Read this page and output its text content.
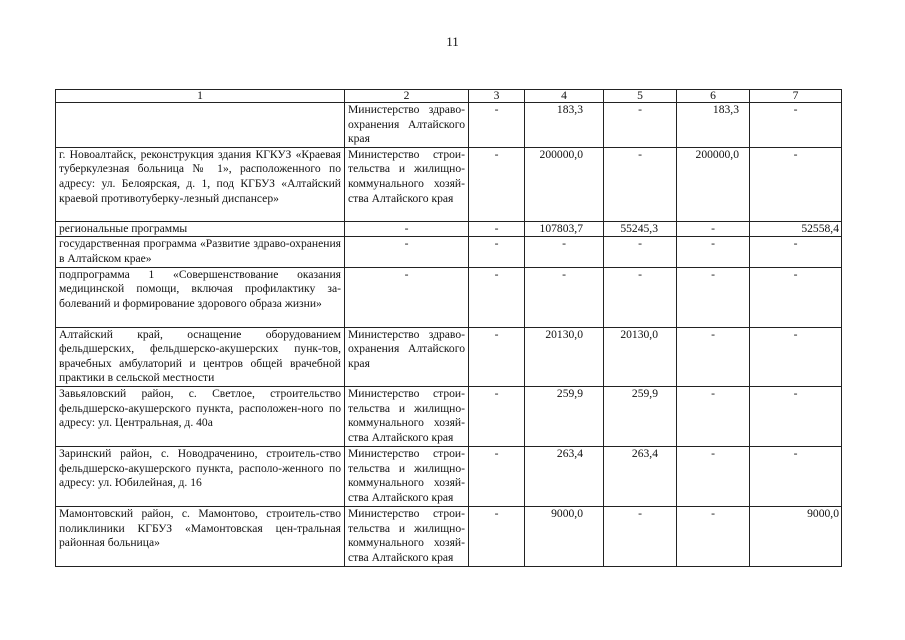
11
1	2	3	4	5	6	7
	Министерство здраво-охранения Алтайского края	-	183,3	-	183,3	-
г. Новоалтайск, реконструкция здания КГКУЗ «Краевая туберкулезная больница № 1», расположенного по адресу: ул. Белоярская, д. 1, под КГБУЗ «Алтайский краевой противотуберку-лезный диспансер»	Министерство строи-тельства и жилищно-коммунального хозяй-ства Алтайского края	-	200000,0	-	200000,0	-
региональные программы	-	-	107803,7	55245,3	-	52558,4
государственная программа «Развитие здраво-охранения в Алтайском крае»	-	-	-	-	-	-
подпрограмма 1 «Совершенствование оказания медицинской помощи, включая профилактику за-болеваний и формирование здорового образа жизни»	-	-	-	-	-	-
Алтайский край, оснащение оборудованием фельдшерских, фельдшерско-акушерских пунк-тов, врачебных амбулаторий и центров общей врачебной практики в сельской местности	Министерство здраво-охранения Алтайского края	-	20130,0	20130,0	-	-
Завьяловский район, с. Светлое, строительство фельдшерско-акушерского пункта, расположен-ного по адресу: ул. Центральная, д. 40а	Министерство строи-тельства и жилищно-коммунального хозяй-ства Алтайского края	-	259,9	259,9	-	-
Заринский район, с. Новодраченино, строитель-ство фельдшерско-акушерского пункта, располо-женного по адресу: ул. Юбилейная, д. 16	Министерство строи-тельства и жилищно-коммунального хозяй-ства Алтайского края	-	263,4	263,4	-	-
Мамонтовский район, с. Мамонтово, строитель-ство поликлиники КГБУЗ «Мамонтовская цен-тральная районная больница»	Министерство строи-тельства и жилищно-коммунального хозяй-ства Алтайского края	-	9000,0	-	-	9000,0
